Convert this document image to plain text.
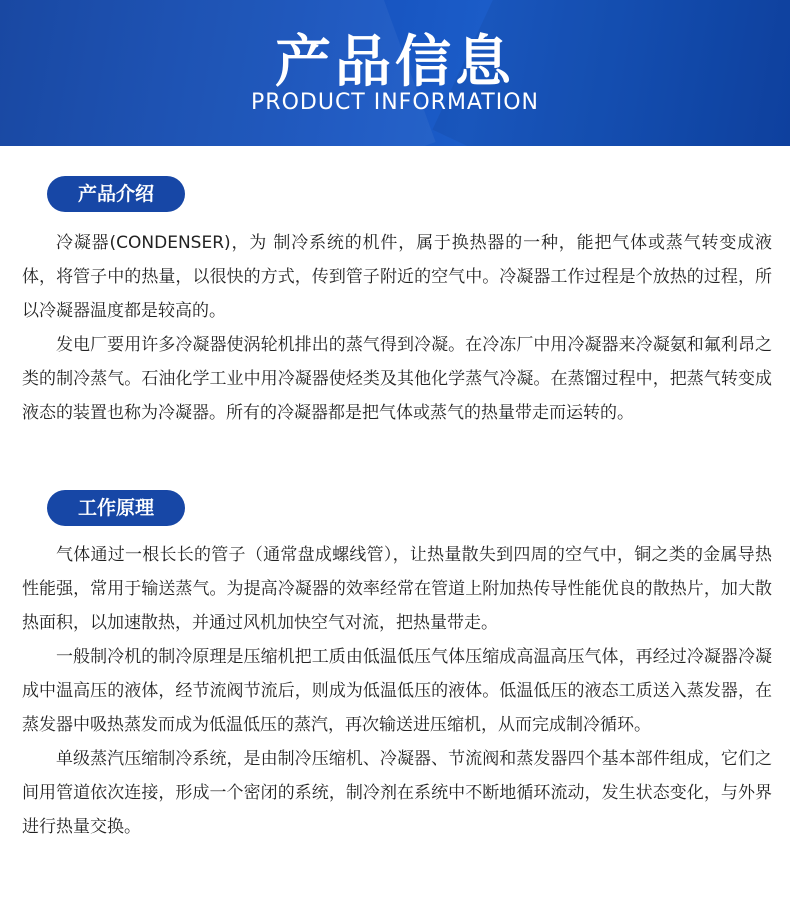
产品信息
PRODUCT INFORMATION
产品介绍

冷凝器(CONDENSER)，为 制冷系统的机件，属于换热器的一种，能把气体或蒸气转变成液体，将管子中的热量，以很快的方式，传到管子附近的空气中。冷凝器工作过程是个放热的过程，所以冷凝器温度都是较高的。

发电厂要用许多冷凝器使涡轮机排出的蒸气得到冷凝。在冷冻厂中用冷凝器来冷凝氨和氟利昂之类的制冷蒸气。石油化学工业中用冷凝器使烃类及其他化学蒸气冷凝。在蒸馏过程中，把蒸气转变成液态的装置也称为冷凝器。所有的冷凝器都是把气体或蒸气的热量带走而运转的。

工作原理

气体通过一根长长的管子（通常盘成螺线管），让热量散失到四周的空气中，铜之类的金属导热性能强，常用于输送蒸气。为提高冷凝器的效率经常在管道上附加热传导性能优良的散热片，加大散热面积，以加速散热，并通过风机加快空气对流，把热量带走。

一般制冷机的制冷原理是压缩机把工质由低温低压气体压缩成高温高压气体，再经过冷凝器冷凝成中温高压的液体，经节流阀节流后，则成为低温低压的液体。低温低压的液态工质送入蒸发器，在蒸发器中吸热蒸发而成为低温低压的蒸汽，再次输送进压缩机，从而完成制冷循环。

单级蒸汽压缩制冷系统，是由制冷压缩机、冷凝器、节流阀和蒸发器四个基本部件组成，它们之间用管道依次连接，形成一个密闭的系统，制冷剂在系统中不断地循环流动，发生状态变化，与外界进行热量交换。
